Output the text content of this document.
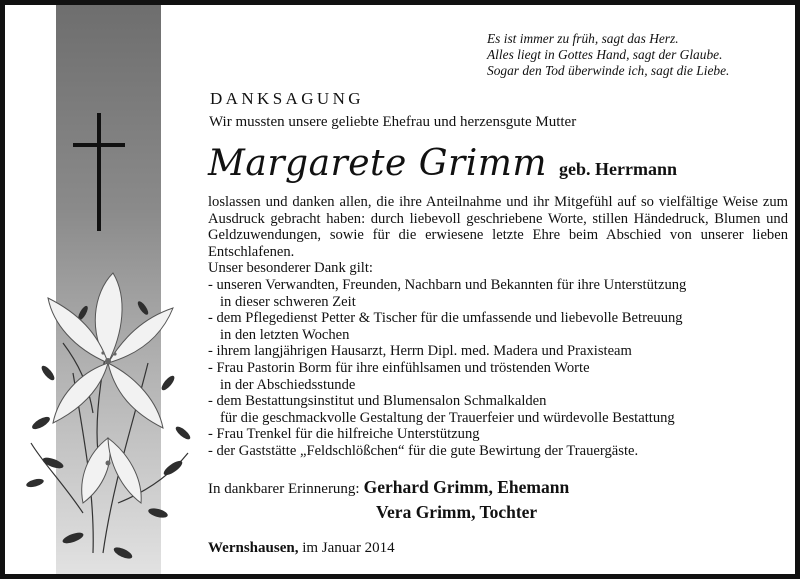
Es ist immer zu früh, sagt das Herz.
Alles liegt in Gottes Hand, sagt der Glaube.
Sogar den Tod überwinde ich, sagt die Liebe.
DANKSAGUNG
Wir mussten unsere geliebte Ehefrau und herzensgute Mutter
Margarete Grimm geb. Herrmann

loslassen und danken allen, die ihre Anteilnahme und ihr Mitgefühl auf so vielfältige Weise zum Ausdruck gebracht haben: durch liebevoll geschriebene Worte, stillen Händedruck, Blumen und Geldzuwendungen, sowie für die erwiesene letzte Ehre beim Abschied von unserer lieben Entschlafenen.

Unser besonderer Dank gilt:

- unseren Verwandten, Freunden, Nachbarn und Bekannten für ihre Unterstützung
in dieser schweren Zeit
- dem Pflegedienst Petter & Tischer für die umfassende und liebevolle Betreuung
in den letzten Wochen
- ihrem langjährigen Hausarzt, Herrn Dipl. med. Madera und Praxisteam
- Frau Pastorin Borm für ihre einfühlsamen und tröstenden Worte
in der Abschiedsstunde
- dem Bestattungsinstitut und Blumensalon Schmalkalden
für die geschmackvolle Gestaltung der Trauerfeier und würdevolle Bestattung
- Frau Trenkel für die hilfreiche Unterstützung
- der Gaststätte „Feldschlößchen“ für die gute Bewirtung der Trauergäste.
In dankbarer Erinnerung: Gerhard Grimm, Ehemann
Vera Grimm, Tochter
Wernshausen, im Januar 2014
